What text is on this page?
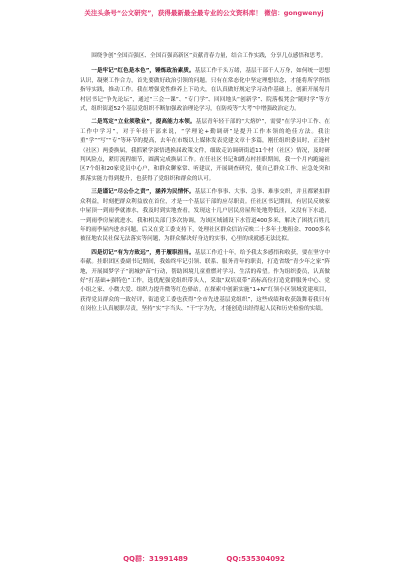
关注头条号“公文研究”，获得最新最全最专业的公文资料库！ 微信：gongwenyj

围绕争创“全国百强区、全国百强高新区”贡献青春力量，结合工作实践，分享几点感悟和思考。

一是牢记“红色是本色”，锤炼政治素质。基层工作千头万绪，基层干部千人万身，如何统一思想认识，凝聚工作合力，首先要做好政治引领的问题。只有在常态化中坚定理想信念，才能将所学所悟指导实践，推动工作。我在增强党性修养上下功夫，在认真做好规定学习动作基础上，创新开展每月村居书记“争先论坛”，通过“三会一课”、“专门学”、回回地头“创新学”、院落板凳会“随时学”等方式，组织街道52个基层党组织不断加强政治理论学习，在防疫等“大考”中增强政治定力。

二是笃定“立业须敬业”，提高能力本领。基层青年轻干部的“大熔炉”，需要“在学习中工作、在工作中学习”，对于年轻干部来说，“学理论+勤调研”是提升工作本领的绝佳方法。我注重“学”“写”“专”等环节的提高，去年在市级以上媒体发表党建文章十多篇，刚任组织委员时，正逢村（社区）两委换届，我抓紧学深悟透换届政策文件，细致走访调研街道11个村（社区）情况，及时研判风险点，紧盯流程细节，圆满完成换届工作。在任社区书记和蹲点村挂职期间，我一个月内跑遍社区7个组和20家党员中心户，和群众聊家常、听建议，开展调查研究，使自己群众工作、应急处突和抓落实能力得到提升，也获得了党组织和群众的认可。

三是谨记“尽公仆之责”，涵养为民情怀。基层工作事事、大事、急事、难事交织，并且都紧扣群众利益，时刻把群众利益放在首位，才是一个基层干部的应尽职责。任社区书记期间，有居民反映家中屋顶一到雨季就渗水，我及时到实地查看，发现这十几户居民房屋所处地势低洼，又没有下水道，一到雨季房屋就进水。我和相关部门多次协调，为该区域铺设下水管道400多米，解决了困扰百姓几年的雨季屋内进水问题，后又在党工委支持下，处理社区群众信访反映二十多年土地租金、7000多名被征地农民社保无法落实等问题，为群众解决好身边的实事，心里的成就感无法比拟。

四是切记“有为方致远”，勇于履职担当。基层工作近十年，给予我太多感悟和收获，要在坚守中奉献。挂职团区委副书记期间，我始终牢记引领、联系、服务青年的职责，打造省级“青少年之家”阵地，开展圆梦学子“润城护苗”行动，帮助困境儿童重燃对学习、生活的希望。作为组织委员，认真做好“打基础+强特色”工作，选优配强党组织带头人，采取“双培双带”高标高位打造党群服务中心、党小组之家、小微大爱、组织力提升微等红色驿站。在探索中创新实施“1+N”红领小区领域党建项目，获得党员群众的一致好评，街道党工委也获得“全市先进基层党组织”，这些成绩和收获鼓舞着我只有在岗位上认真履职尽责，坚持“实”字当头、“干”字为先，才能创造出经得起人民和历史检验的实绩。

QQ群：31991489	QQ:535304092
